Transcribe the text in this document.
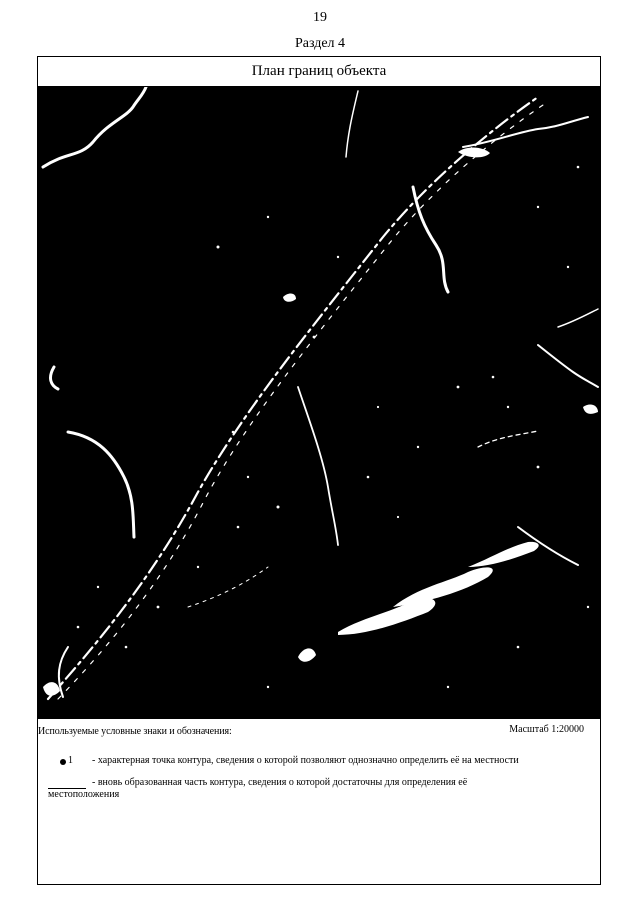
19
Раздел 4
План границ объекта
Используемые условные знаки и обозначения:	Масштаб 1:20000
1 - характерная точка контура, сведения о которой позволяют однозначно определить её на местности
- вновь образованная часть контура, сведения о которой достаточны для определения её
местоположения
